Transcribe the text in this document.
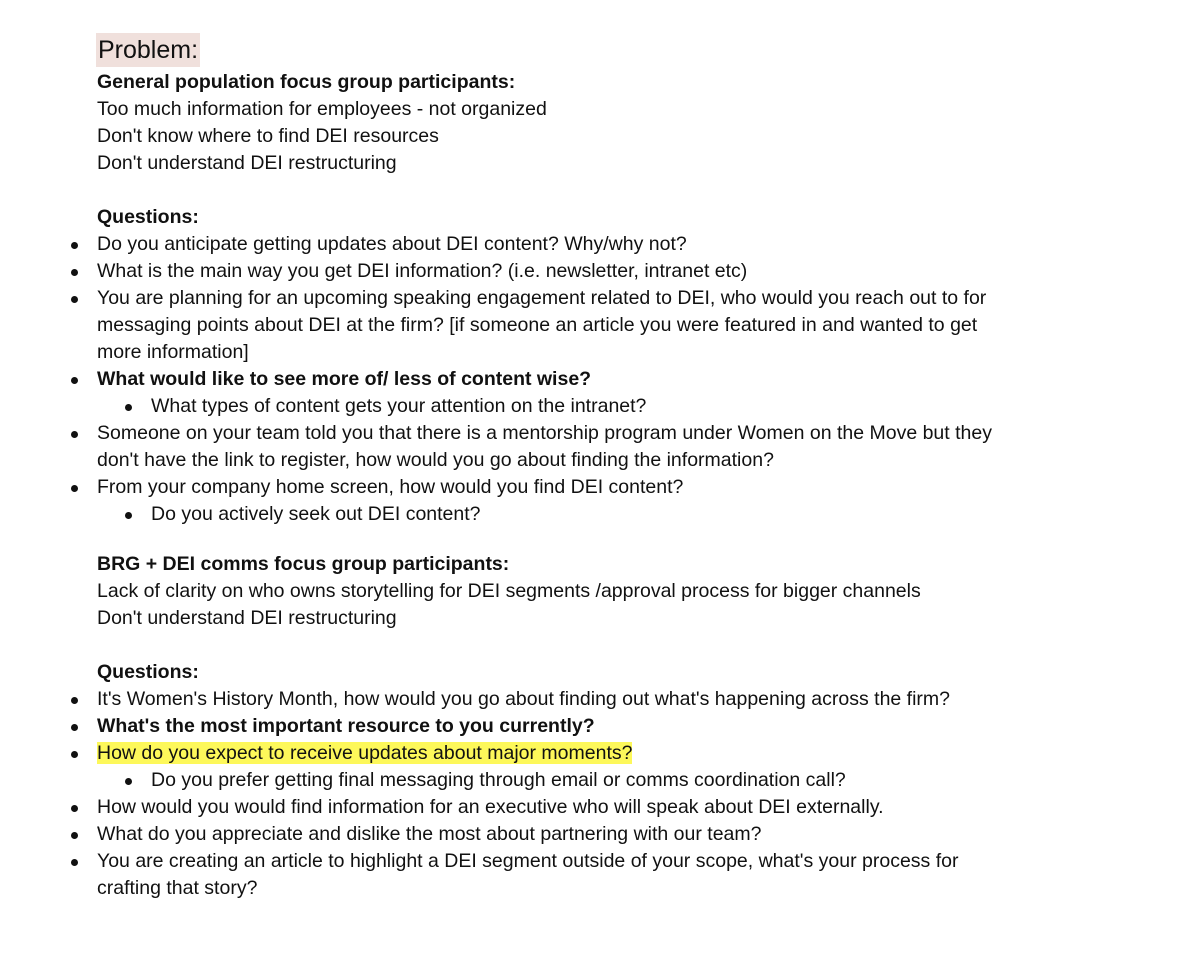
Problem:
General population focus group participants:
Too much information for employees - not organized
Don't know where to find DEI resources
Don't understand DEI restructuring
Questions:
Do you anticipate getting updates about DEI content? Why/why not?
What is the main way you get DEI information? (i.e. newsletter, intranet etc)
You are planning for an upcoming speaking engagement related to DEI, who would you reach out to for messaging points about DEI at the firm? [if someone an article you were featured in and wanted to get more information]
What would like to see more of/ less of content wise?
What types of content gets your attention on the intranet?
Someone on your team told you that there is a mentorship program under Women on the Move but they don't have the link to register, how would you go about finding the information?
From your company home screen, how would you find DEI content?
Do you actively seek out DEI content?
BRG + DEI comms focus group participants:
Lack of clarity on who owns storytelling for DEI segments /approval process for bigger channels
Don't understand DEI restructuring
Questions:
It's Women's History Month, how would you go about finding out what's happening across the firm?
What's the most important resource to you currently?
How do you expect to receive updates about major moments?
Do you prefer getting final messaging through email or comms coordination call?
How would you would find information for an executive who will speak about DEI externally.
What do you appreciate and dislike the most about partnering with our team?
You are creating an article to highlight a DEI segment outside of your scope, what's your process for crafting that story?
